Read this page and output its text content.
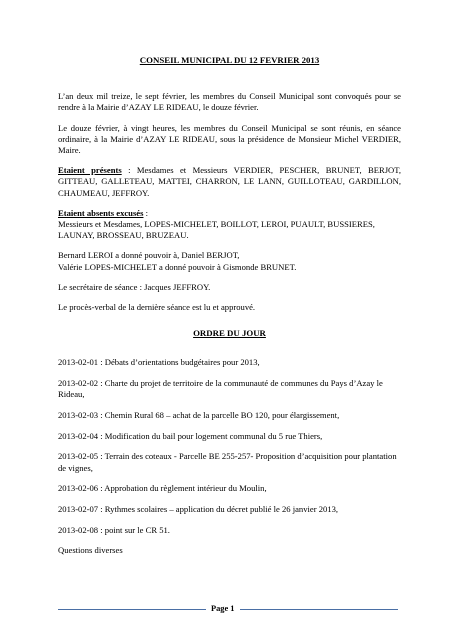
CONSEIL MUNICIPAL DU 12 FEVRIER 2013

L’an deux mil treize, le sept février, les membres du Conseil Municipal sont convoqués pour se rendre à la Mairie d’AZAY LE RIDEAU, le douze février.

Le douze février, à vingt heures, les membres du Conseil Municipal se sont réunis, en séance ordinaire, à la Mairie d’AZAY LE RIDEAU, sous la présidence de Monsieur Michel VERDIER, Maire.

Etaient présents : Mesdames et Messieurs VERDIER, PESCHER, BRUNET, BERJOT, GITTEAU, GALLETEAU, MATTEI, CHARRON, LE LANN, GUILLOTEAU, GARDILLON, CHAUMEAU, JEFFROY.

Etaient absents excusés :
Messieurs et Mesdames, LOPES-MICHELET, BOILLOT, LEROI, PUAULT, BUSSIERES, LAUNAY, BROSSEAU, BRUZEAU.

Bernard LEROI a donné pouvoir à, Daniel BERJOT,
Valérie LOPES-MICHELET a donné pouvoir à Gismonde BRUNET.

Le secrétaire de séance : Jacques JEFFROY.

Le procès-verbal de la dernière séance est lu et approuvé.

ORDRE DU JOUR
2013-02-01 : Débats d’orientations budgétaires pour 2013,
2013-02-02 : Charte du projet de territoire de la communauté de communes du Pays d’Azay le Rideau,
2013-02-03 : Chemin Rural 68 – achat de la parcelle BO 120, pour élargissement,
2013-02-04 : Modification du bail pour logement communal du 5 rue Thiers,
2013-02-05 : Terrain des coteaux - Parcelle BE 255-257- Proposition d’acquisition pour plantation de vignes,
2013-02-06 : Approbation du règlement intérieur du Moulin,
2013-02-07 : Rythmes scolaires – application du décret publié le 26 janvier 2013,
2013-02-08 : point sur le CR 51.
Questions diverses
Page 1
